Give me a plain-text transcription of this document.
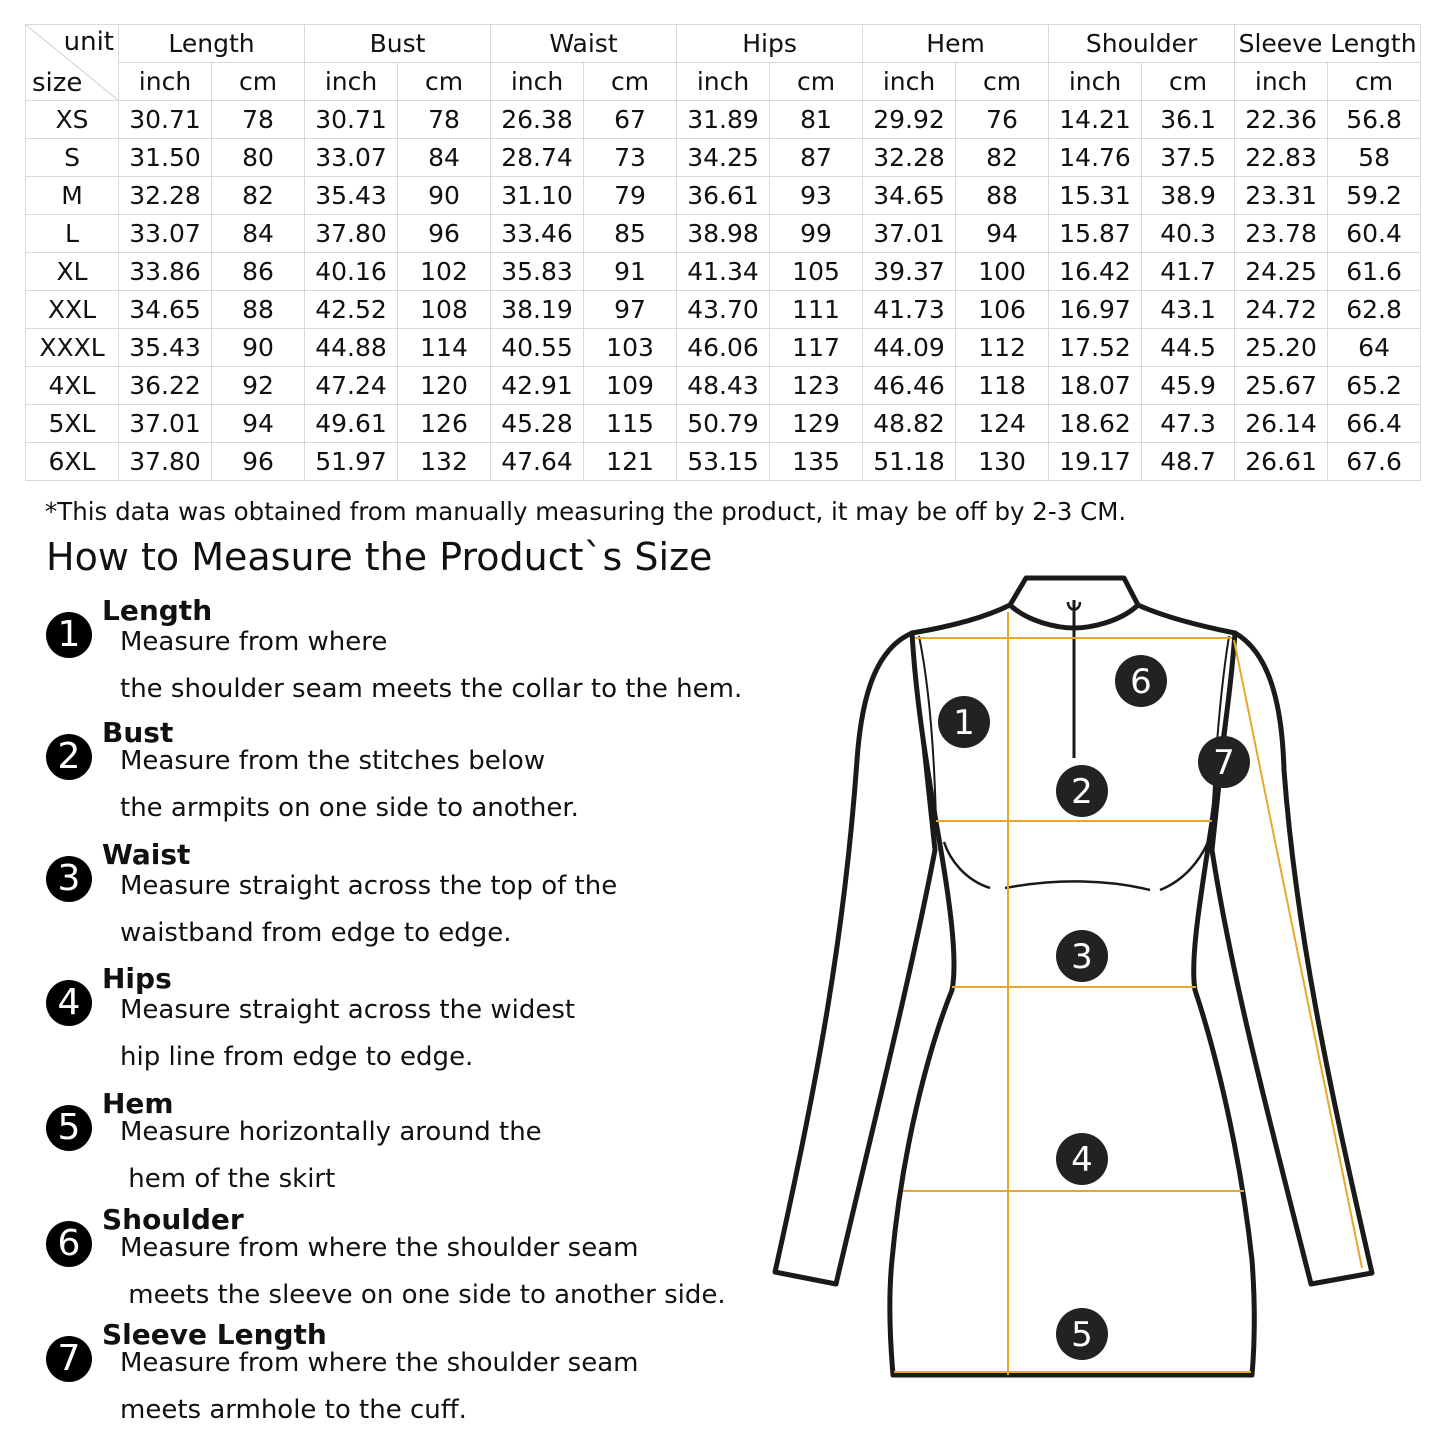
unit
size	Length		Bust		Waist		Hips		Hem		Shoulder		Sleeve Length	
	inch	cm	inch	cm	inch	cm	inch	cm	inch	cm	inch	cm	inch	cm
XS	30.71	78	30.71	78	26.38	67	31.89	81	29.92	76	14.21	36.1	22.36	56.8
S	31.50	80	33.07	84	28.74	73	34.25	87	32.28	82	14.76	37.5	22.83	58
M	32.28	82	35.43	90	31.10	79	36.61	93	34.65	88	15.31	38.9	23.31	59.2
L	33.07	84	37.80	96	33.46	85	38.98	99	37.01	94	15.87	40.3	23.78	60.4
XL	33.86	86	40.16	102	35.83	91	41.34	105	39.37	100	16.42	41.7	24.25	61.6
XXL	34.65	88	42.52	108	38.19	97	43.70	111	41.73	106	16.97	43.1	24.72	62.8
XXXL	35.43	90	44.88	114	40.55	103	46.06	117	44.09	112	17.52	44.5	25.20	64
4XL	36.22	92	47.24	120	42.91	109	48.43	123	46.46	118	18.07	45.9	25.67	65.2
5XL	37.01	94	49.61	126	45.28	115	50.79	129	48.82	124	18.62	47.3	26.14	66.4
6XL	37.80	96	51.97	132	47.64	121	53.15	135	51.18	130	19.17	48.7	26.61	67.6

*This data was obtained from manually measuring the product, it may be off by 2-3 CM.

How to Measure the Product`s Size
1
Length
Measure from where
the shoulder seam meets the collar to the hem.
2
Bust
Measure from the stitches below
the armpits on one side to another.
3
Waist
Measure straight across the top of the
waistband from edge to edge.
4
Hips
Measure straight across the widest
hip line from edge to edge.
5
Hem
Measure horizontally around the
hem of the skirt
6
Shoulder
Measure from where the shoulder seam
meets the sleeve on one side to another side.
7
Sleeve Length
Measure from where the shoulder seam
meets armhole to the cuff.
1
6
7
2
3
4
5
